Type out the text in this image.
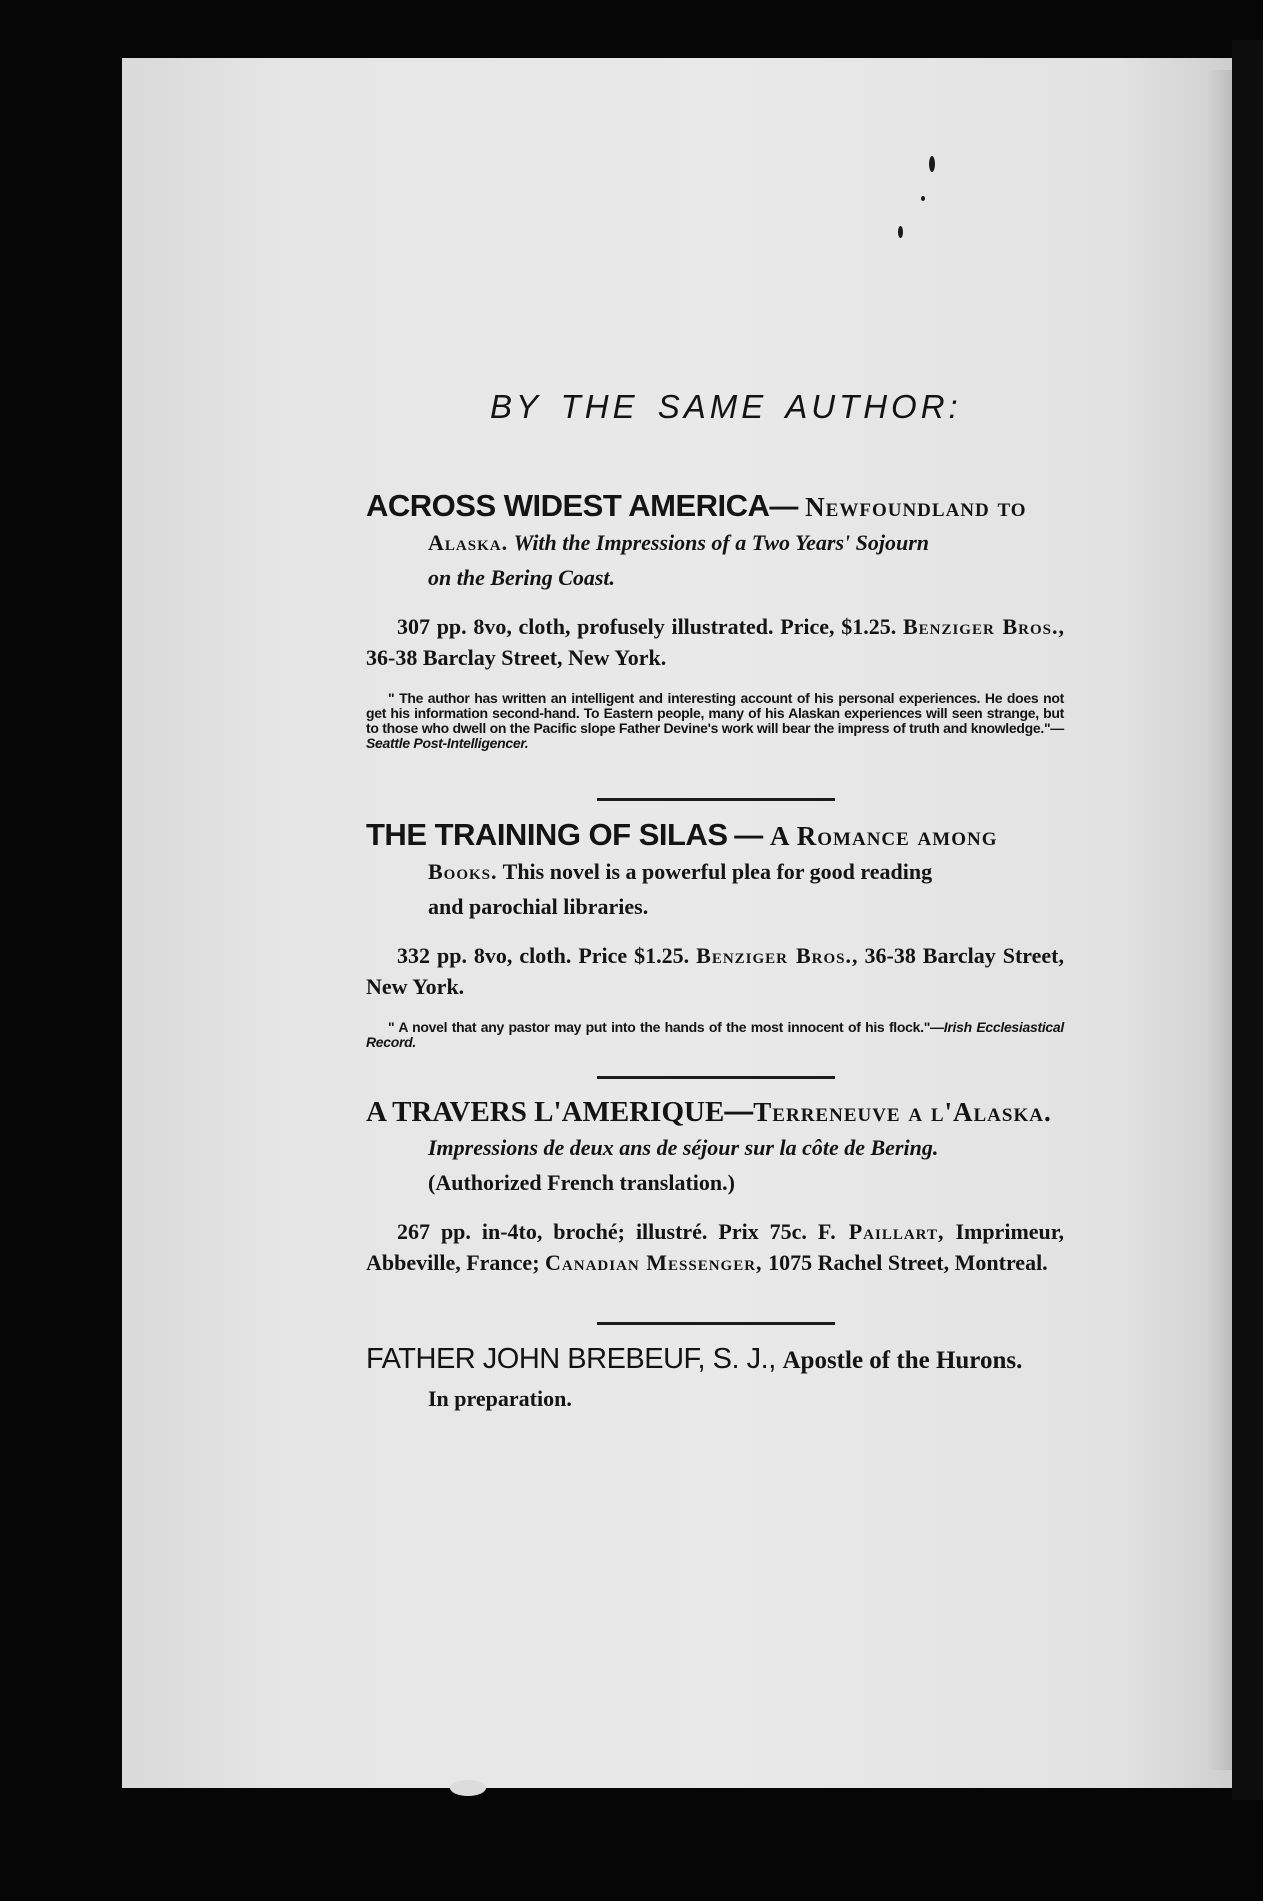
BY THE SAME AUTHOR:

ACROSS WIDEST AMERICA— Newfoundland to

Alaska. With the Impressions of a Two Years' Sojourn
on the Bering Coast.

307 pp. 8vo, cloth, profusely illustrated. Price, $1.25. Benziger Bros., 36-38 Barclay Street, New York.

" The author has written an intelligent and interesting account of his personal experiences. He does not get his information second-hand. To Eastern people, many of his Alaskan experiences will seen strange, but to those who dwell on the Pacific slope Father Devine's work will bear the impress of truth and knowledge."—Seattle Post-Intelligencer.

THE TRAINING OF SILAS — A Romance among

Books. This novel is a powerful plea for good reading
and parochial libraries.

332 pp. 8vo, cloth. Price $1.25. Benziger Bros., 36-38 Barclay Street, New York.

" A novel that any pastor may put into the hands of the most innocent of his flock."—Irish Ecclesiastical Record.

A TRAVERS L'AMERIQUE—Terreneuve a l'Alaska.

Impressions de deux ans de séjour sur la côte de Bering.
(Authorized French translation.)

267 pp. in-4to, broché; illustré. Prix 75c. F. Paillart, Imprimeur, Abbeville, France; Canadian Messenger, 1075 Rachel Street, Montreal.

FATHER JOHN BREBEUF, S. J., Apostle of the Hurons.

In preparation.
